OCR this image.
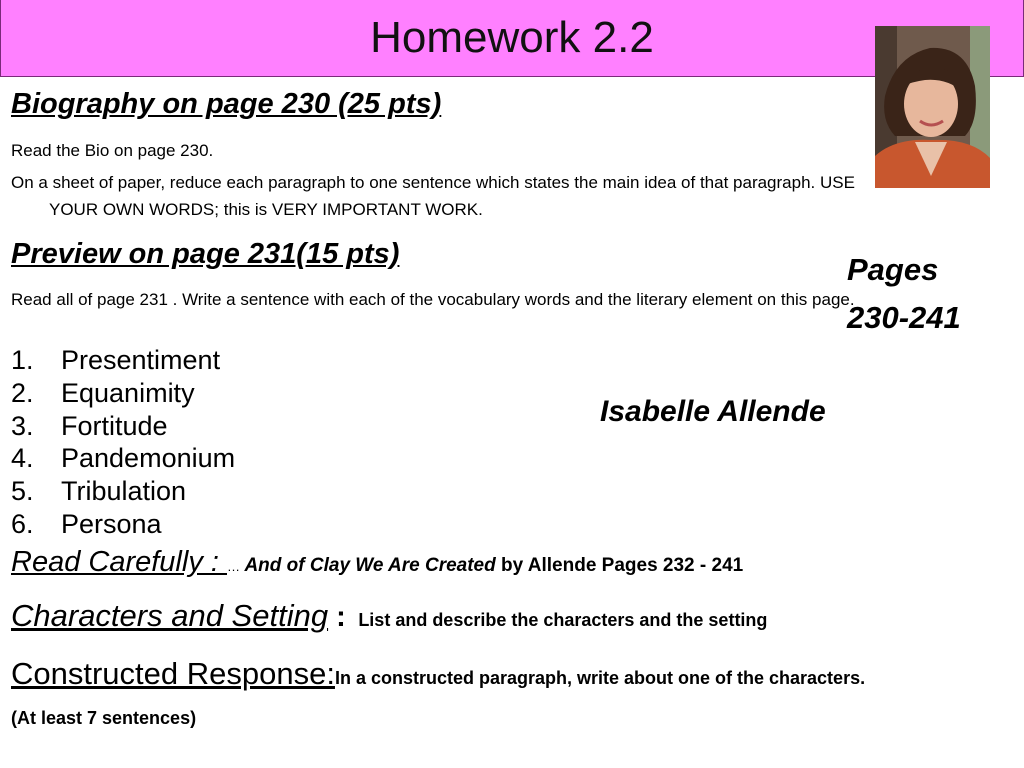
Homework 2.2
Biography on page 230 (25 pts)
Read the Bio on page 230.
On a sheet of paper, reduce each paragraph to one sentence which states the main idea of that paragraph. USE YOUR OWN WORDS; this is VERY IMPORTANT WORK.
Preview on page 231(15 pts)
Read all of page 231 . Write a sentence with each of the vocabulary words and the literary element on this page.
1.	Presentiment
2.	Equanimity
3.	Fortitude
4.	Pandemonium
5.	Tribulation
6.	Persona
Pages
230-241
Isabelle Allende
Read Carefully : … And of Clay We Are Created by Allende Pages 232 - 241
Characters and Setting :  List and describe the characters and the setting
Constructed Response:In a constructed paragraph, write about one of the characters.
(At least 7 sentences)
